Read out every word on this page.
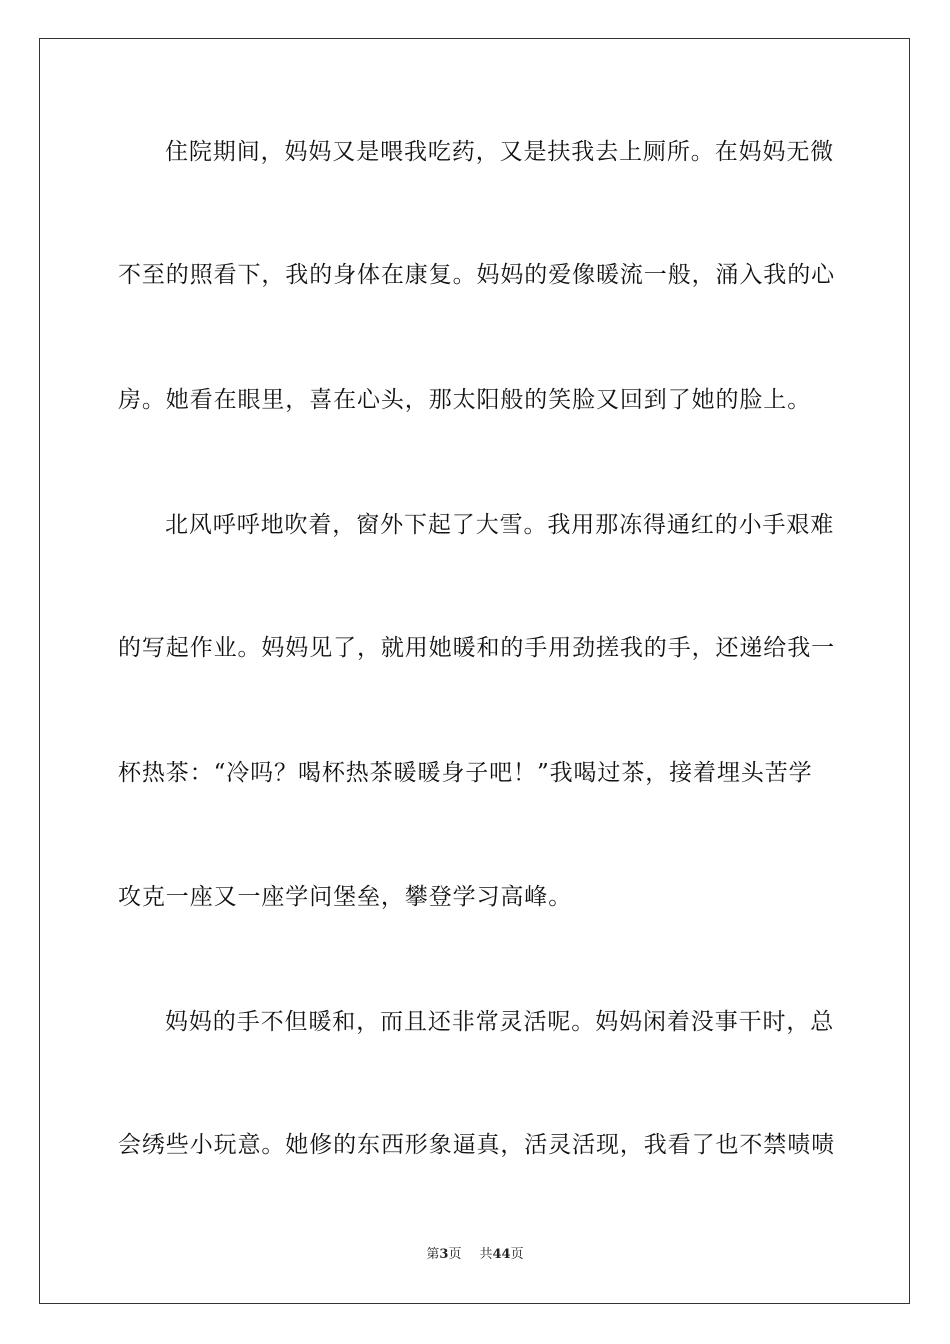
住院期间，妈妈又是喂我吃药，又是扶我去上厕所。在妈妈无微
不至的照看下，我的身体在康复。妈妈的爱像暖流一般，涌入我的心
房。她看在眼里，喜在心头，那太阳般的笑脸又回到了她的脸上。
北风呼呼地吹着，窗外下起了大雪。我用那冻得通红的小手艰难
的写起作业。妈妈见了，就用她暖和的手用劲搓我的手，还递给我一
杯热茶：“冷吗？喝杯热茶暖暖身子吧！”我喝过茶，接着埋头苦学
攻克一座又一座学问堡垒，攀登学习高峰。
妈妈的手不但暖和，而且还非常灵活呢。妈妈闲着没事干时，总
会绣些小玩意。她修的东西形象逼真，活灵活现，我看了也不禁啧啧
第3页 共44页
